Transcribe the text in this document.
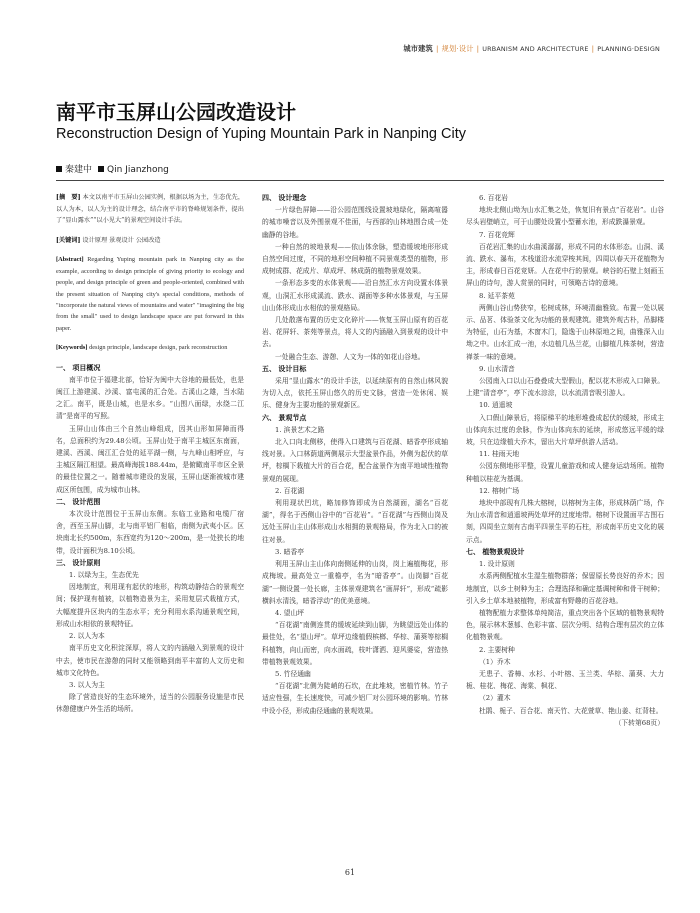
城市建筑 | 规划·设计 | URBANISM AND ARCHITECTURE | PLANNING·DESIGN
南平市玉屏山公园改造设计
Reconstruction Design of Yuping Mountain Park in Nanping City
秦建中 Qin Jianzhong

[摘　要] 本文以南平市玉屏山公园实例，根据以场为主，生态优先，以人为本，以人为主的设计理念，结合南平市的脊峰规划条件，提出了“显山露水”“以小见大”的景观空间设计手法。

[关键词] 设计原理 景观设计 公园改造

[Abstract] Regarding Yuping mountain park in Nanping city as the example, according to design principle of giving priority to ecology and people, and design principle of green and people-oriented, combined with the present situation of Nanping city's special conditions, methods of "incorporate the natural views of mountains and water" "imagining the big from the small" used to design landscape space are put forward in this paper.

[Keywords] design principle, landscape design, park reconstruction

一、 项目概况

南平市位于福建北部，恰好为闽中大谷地的最低处，也是闽江上游建溪、沙溪、富屯溪的汇合处。古溪山之雄，当水陆之汇。南平，既是山城，也是水乡。“山围八面绿，水绕二江清”是南平的写照。

玉屏山山体由三个自然山峰组成，因其山形如屏障而得名，总面积约为29.48公顷。玉屏山处于南平主城区东南面，建溪、西溪、闽江汇合处的延平湖一侧，与九峰山相呼应，与主城区隔江相望。最高峰海拔188.44m，是俯瞰南平市区全景的最佳位置之一。随着城市建设的发展，玉屏山逐渐被城市建成区所包围，成为城市山林。

二、 设计范围

本次设计范围位于玉屏山东侧。东临工业路和电缆厂宿舍，西至玉屏山脚，北与南平铝厂相临，南侧为武夷小区。区块南北长约500m，东西宽约为120～200m，是一处狭长的地带，设计面积为8.10公顷。

三、 设计原则

1. 以绿为主，生态优先

因地制宜，利用现有起伏的地形，构筑动静结合的景观空间；保护现有植被，以植物造景为主，采用复层式栽植方式，大幅度提升区块内的生态水平；充分利用水系沟通景观空间，形成山水相依的景观特征。

2. 以人为本

南平历史文化积淀深厚，将人文的内涵融入到景观的设计中去，使市民在游憩的同时又能领略到南平丰富的人文历史和城市文化特色。

3. 以人为主

除了营造良好的生态环境外，适当的公园服务设施是市民休憩健康户外生活的场所。

四、 设计理念

一片绿色屏障——沿公园范围线设置坡地绿化，隔离喧嚣的城市噪音以及外围景观不佳面，与西部的山林地围合成一处幽静的谷地。

一种自然的坡地景观——依山体余脉，塑造缓坡地形形成自然空间过度，不同的地形空间种植不同景观类型的植物，形成树成群、花成片、草成坪、林成荫的植物景观效果。

一条形态多变的水体景观——沿自然汇水方向设置水体景观，山洞汇水形成溪流、跌水、湖面等多种水体景观，与玉屏山山体形成山水相依的景观格局。

几处散落布置的历史文化碎片——恢复玉屏山原有的百花岩、花屏轩、茶苑等景点，将人文的内涵融入到景观的设计中去。

一处融合生态、游憩、人文为一体的如花山谷地。

五、 设计目标

采用“显山露水”的设计手法，以延续原有的自然山林风貌为切入点，依托玉屏山悠久的历史文脉，营造一处休闲、娱乐、健身为主要功能的景观新区。

六、 景观节点

1. 滨景艺术之路

北入口向北侧移，使得入口建筑与百花湖、暗香亭形成轴线对景。入口林荫道两侧展示大型盆景作品，外侧为起伏的草坪，棕榈下栽植大片的百合花，配合盆景作为南平地域性植物景观的展现。

2. 百花湖

利用现状凹坑，略加修饰即成为自然湖面，湖名“百花湖”，得名于西侧山谷中的“百花岩”。“百花湖”与西侧山岗及远处玉屏山主山体形成山水相拥的景观格局，作为北入口的被往对景。

3. 暗香亭

利用玉屏山主山体向南侧延伸的山岗，岗上遍植梅花，形成梅坡。最高处立一重檐亭，名为“暗香亭”。山岗脚“百花湖”一侧设置一处长廊，主体景观建筑名“画屏轩”，形成“疏影横斜水清浅，暗香浮动”的优美意境。

4. 望山坪

“百花湖”南侧连贯的缓坡延续到山脚，为眺望远处山体的最佳处，名“望山坪”。草坪边缘植假槟榔、华棕、蒲葵等棕榈科植物，向山而密，向水面疏，枝叶潇洒、迎风婆娑，营造热带植物景观效果。

5. 竹径通幽

“百花湖”北侧为陡峭的石坎，在此堆坡，密植竹林。竹子适应性强，生长速度快，可减少铝厂对公园环境的影响。竹林中设小径，形成曲径通幽的景观效果。

6. 百花岩

地块北侧山坳为山水汇集之处，恢复旧有景点“百花岩”。山谷尽头岩壁峭立，可于山腰处设置小型蓄水池，形成跌瀑景观。

7. 百花竞辉

百花岩汇集的山水曲溪潺潺，形成不同的水体形态。山洞、溪流、跌水、瀑布，木栈道沿水流穿梭其间，四周以春天开花植物为主，形成春日百花竞妍。人在花中行的景观。峡谷的石壁上刻画玉屏山的诗句，游人赏景的同时，可领略古诗的意境。

8. 延平茶苑

两侧山谷山势狭窄，松树成林，环境清幽雅致。布置一处以展示、品茗、体验茶文化为功能的景观建筑。建筑外观古朴，吊脚楼为特征，山石为基，木窗木门，隐逸于山林原地之间，曲雅深入山坳之中。山水汇成一池，水边植几丛兰花，山脚植几株茶树，营造禅茶一味的意境。

9. 山水清音

公园南入口以山石叠叠成大型假山，配以花木形成入口障景。上建“清音亭”，亭下流水淙淙，以水流清音吸引游人。

10. 逍遥坡

入口假山障景后，将原梯平的地形堆叠成起伏的缓坡，形成主山体向东过度的余脉，作为山体向东的延续，形成悠远平缓的绿坡，只在边缘植大乔木，留出大片草坪供游人活动。

11. 桂雨天地

公园东侧地形平整，设置儿童游戏和成人健身运动场所。植物种植以桂花为基调。

12. 榕树广场

地块中部现有几株大榕树，以榕树为主体，形成林荫广场，作为山水清音和逍遥坡两处草坪的过度地带。榕树下设置面平古图石刻，四周坐立刻有古南平四景生平的石柱，形成南平历史文化的展示点。

七、 植物景观设计

1. 设计原则

水系两侧配植水生湿生植物群落；保留原长势良好的乔木；因地制宜，以乡土树种为主；合理选择和确定基调树种和骨干树种；引入乡土草本地被植物，形成富有野趣的百花谷地。

植物配植力求整体单纯简洁，重点突出各个区域的植物景观特色，展示林木葱郁、色彩丰富、层次分明、结构合理有层次的立体化植物景观。

2. 主要树种

（1）乔木

无患子、香樟、水杉、小叶榕、玉兰类、华棕、蒲葵、大力栀、桂花、梅花、海棠、枫花、

（2）灌木

杜鹃、栀子、百合花、南天竹、大花萱草、艳山姜、红背桂。

（下转第68页）

61
